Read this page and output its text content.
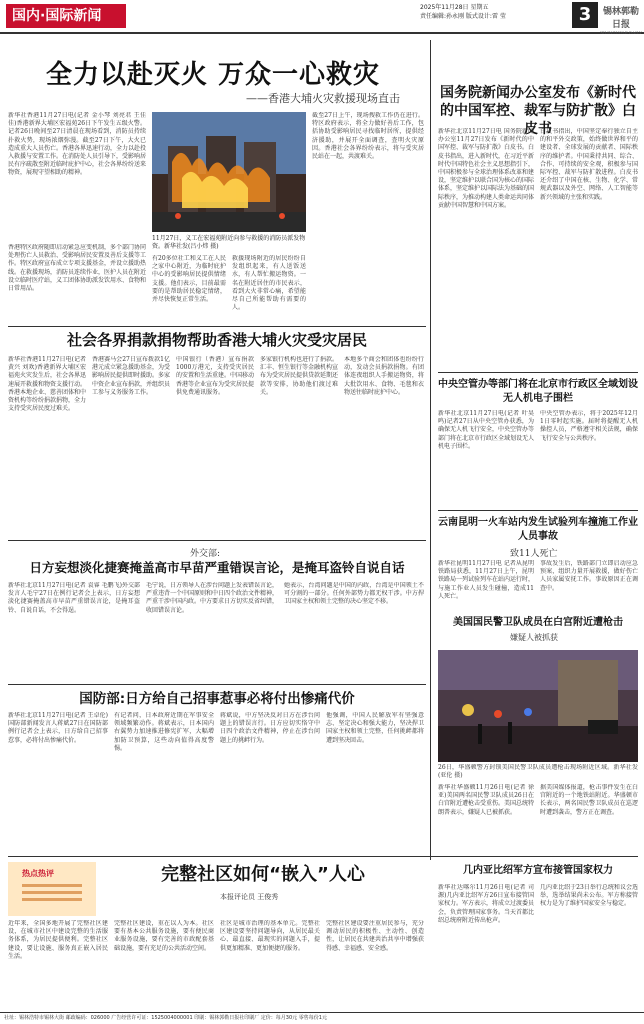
国内·国际新闻
2025年11月28日 星期五
责任编辑:孙永刚 版式设计:雷 莹	3	锡林郭勒日报
XILINGUOLE DAILY
全力以赴灭火 万众一心救灾
——香港大埔火灾救援现场直击
新华社香港11月27日电(记者 金小琴 刘亮君 王佳佳)香港新界大埔区宏福苑26日下午发生五级火警。记者26日晚间至27日清晨在现场看到，消防员持续扑救火势，现场浓烟弥漫。截至27日下午，大火已造成重大人员伤亡。香港各界迅速行动，全力以赴投入救援与安置工作。在消防处人员引导下，受影响居民有序疏散至附近临时庇护中心，社会各界纷纷送来物资，展现守望相助的精神。
11月27日，义工在宏福苑附近向参与救援的消防员派发物资。新华社发(吕小炜 摄)
香港特区政府随即启动紧急应变机制，多个部门协同处理伤亡人员救治、受影响居民安置及善后支援等工作。特区政府宣布成立专项支援基金，并设立援助热线。在救援现场，消防员连续作业，医护人员在附近设立临时医疗站，义工团体协助派发饮用水、食物和日常用品。
有20多位社工和义工在人民之家中心附近，为临时庇护中心的受影响居民提供情绪支援。他们表示，目前最需要的是帮助居民稳定情绪，并尽快恢复正常生活。
救援现场附近的居民纷纷自发组织起来，有人送饭送水，有人帮忙搬运物资。一名在附近居住的市民表示，看到大火非常心痛，希望能尽自己所能帮助有需要的人。
截至27日上午，现场搜救工作仍在进行。特区政府表示，将全力做好善后工作，包括协助受影响居民寻找临时居所，提供经济援助，并展开全面调查，查明火灾原因。香港社会各界纷纷表示，将与受灾居民站在一起，共渡难关。
国务院新闻办公室发布《新时代的中国军控、裁军与防扩散》白皮书
新华社北京11月27日电 国务院新闻办公室11月27日发布《新时代的中国军控、裁军与防扩散》白皮书。白皮书指出，进入新时代，在习近平新时代中国特色社会主义思想指引下，中国积极参与全球治理体系改革和建设，坚定维护以联合国为核心的国际体系，坚定维护以国际法为基础的国际秩序，为推动构建人类命运共同体贡献中国智慧和中国方案。
白皮书指出，中国坚定奉行独立自主的和平外交政策，始终做世界和平的建设者、全球发展的贡献者、国际秩序的维护者。中国秉持共同、综合、合作、可持续的安全观，积极参与国际军控、裁军与防扩散进程。白皮书还介绍了中国在核、生物、化学、常规武器以及外空、网络、人工智能等新兴领域的主张和实践。
社会各界捐款捐物帮助香港大埔火灾受灾居民
新华社香港11月27日电(记者 黄兴 刘欢)香港新界大埔区宏福苑火灾发生后，社会各界迅速展开救援和物资支援行动。香港本地企业、慈善团体和中资机构等纷纷捐款捐物，全力支持受灾居民度过难关。
香港赛马会27日宣布拨款1亿港元成立紧急援助基金，为受影响居民提供即时援助。多家中资企业宣布捐款，并组织员工参与义务服务工作。
中国银行（香港）宣布捐款1000万港元，支持受灾居民的安置和生活重建。中国移动香港等企业宣布为受灾居民提供免费通讯服务。
多家银行机构也进行了捐款。汇丰、恒生银行等金融机构宣布为受灾居民提供贷款延期还款等安排，协助他们渡过难关。
本地多个商会和团体也纷纷行动，发动会员捐款捐物。有团体连夜组织人手搬运物资，将大批饮用水、食物、毛毯和衣物送往临时庇护中心。
中央空管办等部门将在北京市行政区全域划设无人机电子围栏
新华社北京11月27日电(记者 叶昊鸣)记者27日从中央空管办获悉，为确保无人机飞行安全，中央空管办等部门将在北京市行政区全域划设无人机电子围栏。
中央空管办表示，将于2025年12月1日零时起实施。届时将提醒无人机操控人员，严格遵守相关法规，确保飞行安全与公共秩序。
外交部:
日方妄想淡化捷赛掩盖高市早苗严重错误言论，是掩耳盗铃自说自话
新华社北京11月27日电(记者 袁睿 毛鹏飞)外交部发言人毛宁27日在例行记者会上表示，日方妄想淡化捷赛掩盖高市早苗严重错误言论，是掩耳盗铃、自说自话，不会得逞。
毛宁说，日方领导人在涉台问题上发表错误言论，严重违背一个中国原则和中日四个政治文件精神，严重干涉中国内政。中方要求日方切实反省纠错，收回错误言论。
她表示，台湾问题是中国的内政，台湾是中国领土不可分割的一部分。任何外部势力都无权干涉。中方捍卫国家主权和领土完整的决心坚定不移。
云南昆明一火车站内发生试验列车撞施工作业人员事故
致11人死亡
新华社昆明11月27日电 记者从昆明铁路局获悉，11月27日上午，昆明铁路局一列试验列车在站内运行时，与施工作业人员发生碰撞，造成11人死亡。
事故发生后，铁路部门立即启动应急预案，组织力量开展救援，做好伤亡人员家属安抚工作。事故原因正在调查中。
国防部:日方给自己招事惹事必将付出惨痛代价
新华社北京11月27日电(记者 王卓伦)国防部新闻发言人蒋斌27日在国防部例行记者会上表示，日方给自己招事惹事，必将付出惨痛代价。
有记者问，日本政府近期在军事安全领域频繁动作。蒋斌表示，日本国内右翼势力加速推进修宪扩军，大幅增加防卫预算，这些动向值得高度警惕。
蒋斌说，中方坚决反对日方在涉台问题上的错误言行。日方应切实恪守中日四个政治文件精神，停止在涉台问题上的挑衅行为。
他强调，中国人民解放军有坚强意志、坚定决心和强大能力，坚决捍卫国家主权和领土完整，任何挑衅都将遭到坚决回击。
美国国民警卫队成员在白宫附近遭枪击
嫌疑人被抓获
26日，华盛顿警方封锁美国民警卫队成员遭枪击现场附近区域。新华社发(亚伦 摄)
新华社华盛顿11月26日电(记者 徐亚)美国两名国民警卫队成员26日在白宫附近遭枪击受重伤。美国总统特朗普表示，嫌疑人已被抓获。
据美国媒体报道，枪击事件发生在白宫附近的一个地铁站附近。华盛顿市长表示，两名国民警卫队成员在巡逻时遭到袭击，警方正在调查。
热点热评	完整社区如何“嵌入”人心
本报评论员 王俊秀
近年来，全国多地开展了完整社区建设，在城市社区中建设完整的生活服务体系，为居民提供便利。完整社区建设，要让设施、服务真正嵌入居民生活。
完整社区建设，重在以人为本。社区要有基本公共服务设施，要有便民商业服务设施，要有完善的市政配套基础设施，要有充足的公共活动空间。
社区是城市治理的基本单元。完整社区建设要坚持问题导向，从居民最关心、最直接、最现实的问题入手，提供更加精准、更加便捷的服务。
完整社区建设要注重居民参与，充分调动居民的积极性、主动性、创造性，让居民在共建共治共享中增强获得感、幸福感、安全感。
几内亚比绍军方宣布接管国家权力
新华社达喀尔11月26日电(记者 司源)几内亚比绍军方26日宣布接管国家权力。军方表示，将成立过渡委员会，负责管理国家事务。当天首都比绍总统府附近传出枪声。
几内亚比绍于23日举行总统和议会选举，选举结果尚未公布。军方称接管权力是为了维护国家安全与稳定。
社址：锡林浩特市锡林大街 邮政编码：026000 广告经营许可证：1525004000001 印刷：锡林郭勒日报社印刷厂 定价：每月30元 零售每份1元
